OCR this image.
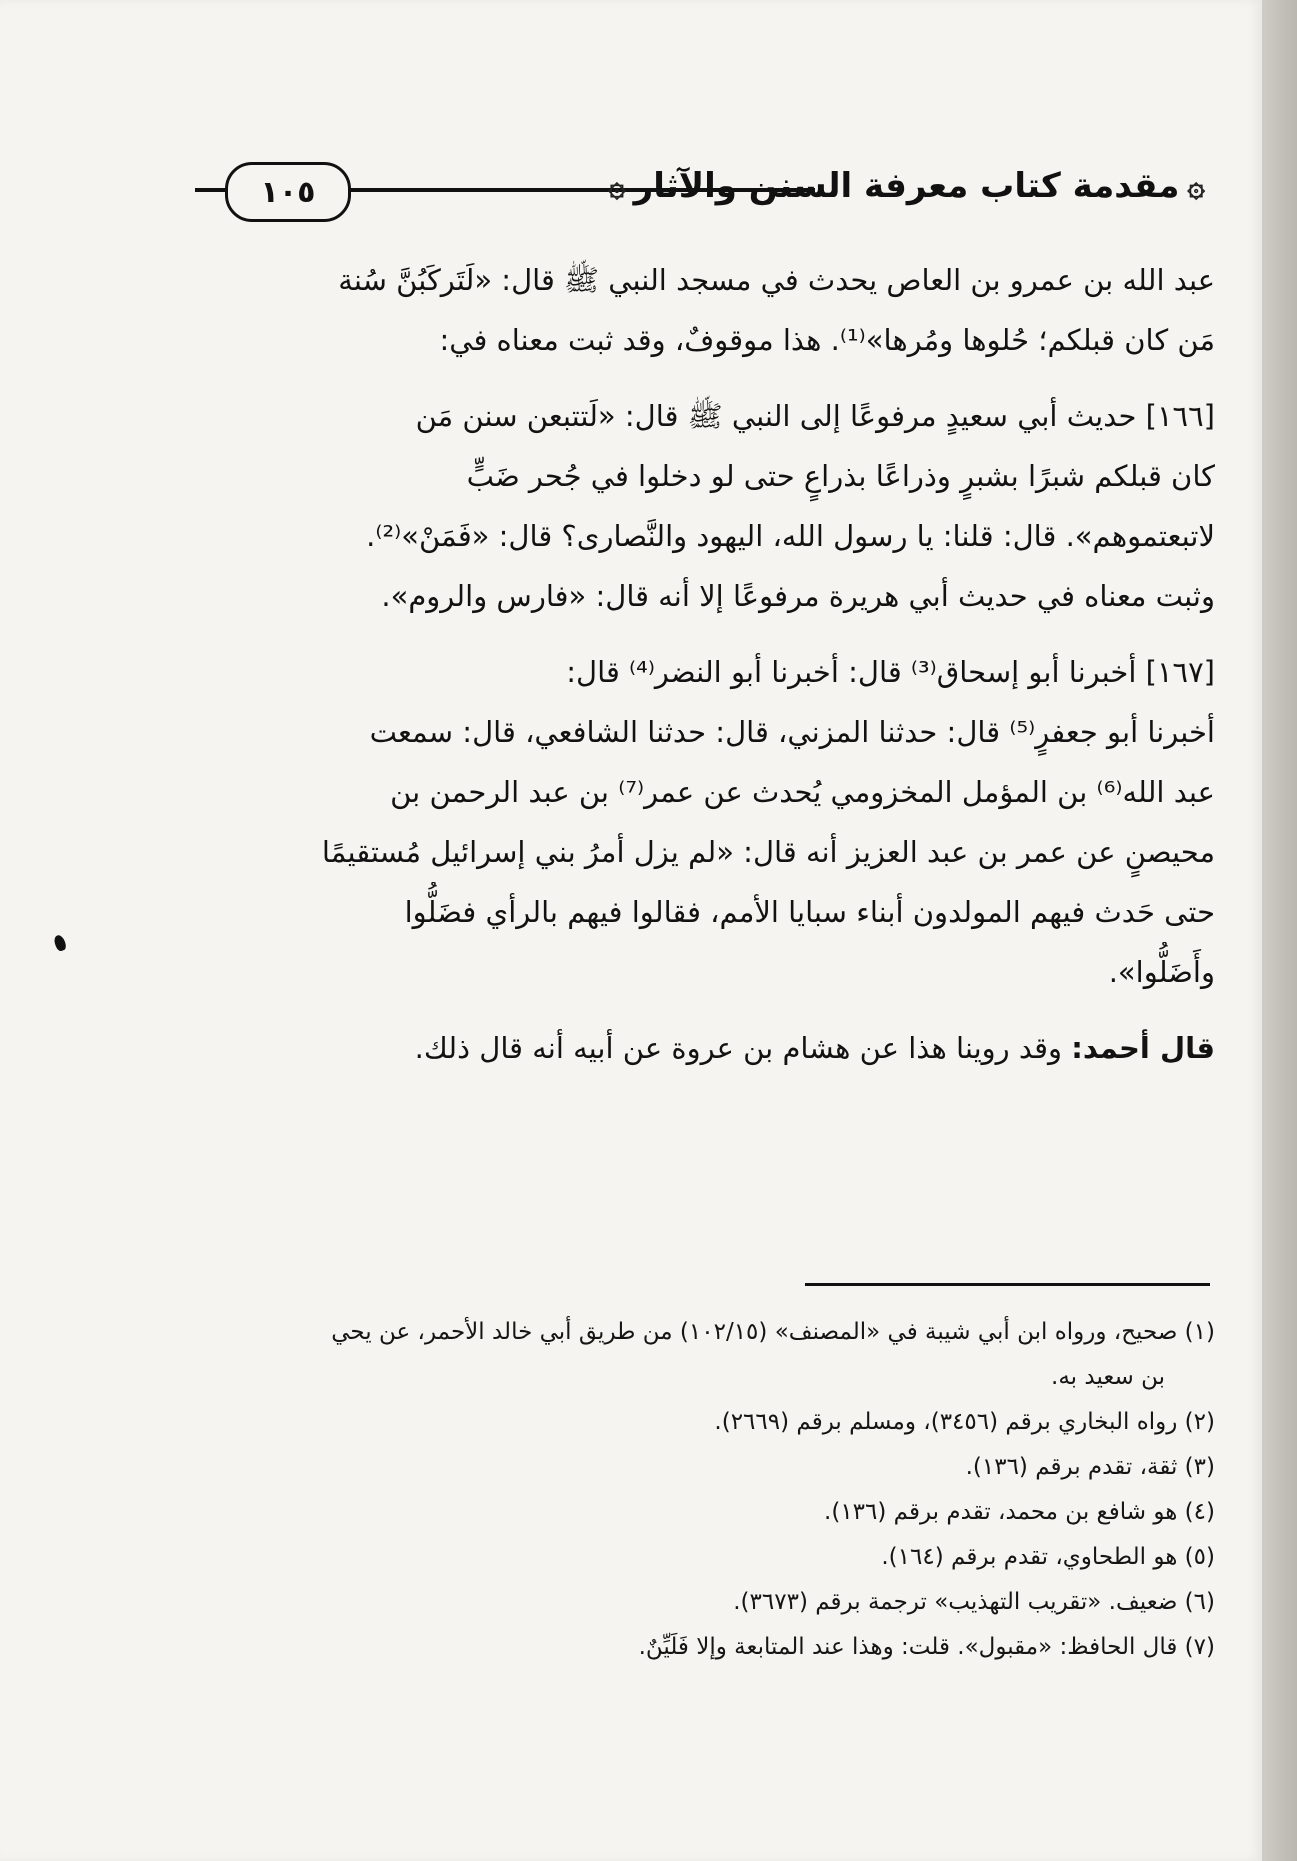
١٠٥	۞
مقدمة كتاب معرفة السنن والآثار
۞
عبد الله بن عمرو بن العاص يحدث في مسجد النبي ﷺ قال: «لَتَركَبُنَّ سُنة
مَن كان قبلكم؛ حُلوها ومُرها»⁽¹⁾. هذا موقوفٌ، وقد ثبت معناه في:
[١٦٦] حديث أبي سعيدٍ مرفوعًا إلى النبي ﷺ قال: «لَتتبعن سنن مَن
كان قبلكم شبرًا بشبرٍ وذراعًا بذراعٍ حتى لو دخلوا في جُحر ضَبٍّ
لاتبعتموهم». قال: قلنا: يا رسول الله، اليهود والنَّصارى؟ قال: «فَمَنْ»⁽²⁾.
وثبت معناه في حديث أبي هريرة مرفوعًا إلا أنه قال: «فارس والروم».
[١٦٧] أخبرنا أبو إسحاق⁽³⁾ قال: أخبرنا أبو النضر⁽⁴⁾ قال:
أخبرنا أبو جعفرٍ⁽⁵⁾ قال: حدثنا المزني، قال: حدثنا الشافعي، قال: سمعت
عبد الله⁽⁶⁾ بن المؤمل المخزومي يُحدث عن عمر⁽⁷⁾ بن عبد الرحمن بن
محيصنٍ عن عمر بن عبد العزيز أنه قال: «لم يزل أمرُ بني إسرائيل مُستقيمًا
حتى حَدث فيهم المولدون أبناء سبايا الأمم، فقالوا فيهم بالرأي فضَلُّوا
وأَضَلُّوا».
قال أحمد: وقد روينا هذا عن هشام بن عروة عن أبيه أنه قال ذلك.
(١) صحيح، ورواه ابن أبي شيبة في «المصنف» (١٠٢/١٥) من طريق أبي خالد الأحمر، عن يحي
بن سعيد به.
(٢) رواه البخاري برقم (٣٤٥٦)، ومسلم برقم (٢٦٦٩).
(٣) ثقة، تقدم برقم (١٣٦).
(٤) هو شافع بن محمد، تقدم برقم (١٣٦).
(٥) هو الطحاوي، تقدم برقم (١٦٤).
(٦) ضعيف. «تقريب التهذيب» ترجمة برقم (٣٦٧٣).
(٧) قال الحافظ: «مقبول». قلت: وهذا عند المتابعة وإلا فَلَيِّنٌ.
